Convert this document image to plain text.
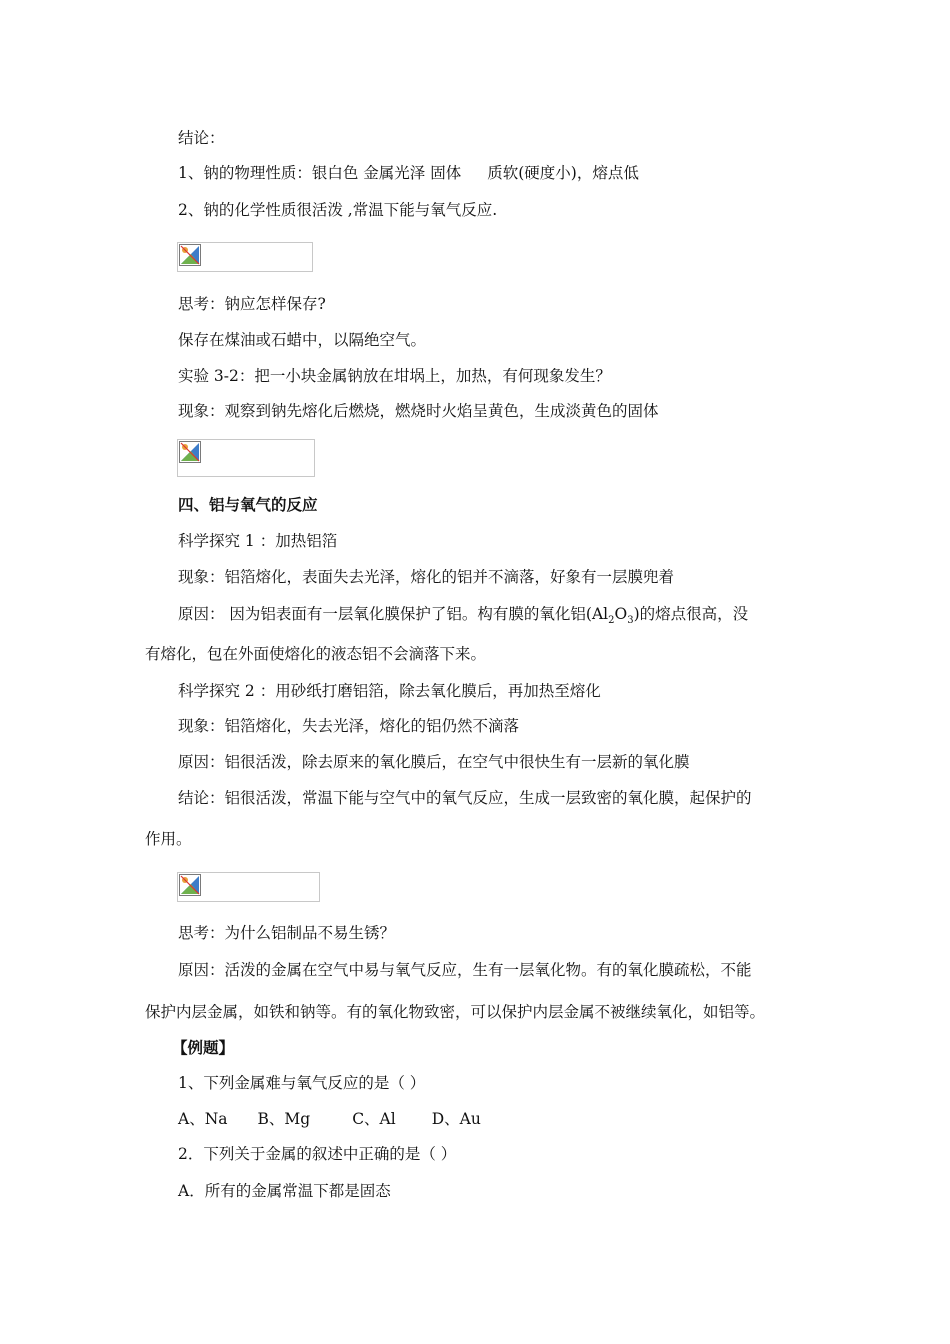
结论：

1、钠的物理性质：银白色 金属光泽 固体 质软(硬度小)，熔点低

2、钠的化学性质很活泼 ,常温下能与氧气反应.

思考：钠应怎样保存?

保存在煤油或石蜡中，以隔绝空气。

实验 3-2：把一小块金属钠放在坩埚上，加热，有何现象发生？

现象：观察到钠先熔化后燃烧，燃烧时火焰呈黄色，生成淡黄色的固体

四、铝与氧气的反应

科学探究 1 ：加热铝箔

现象：铝箔熔化，表面失去光泽，熔化的铝并不滴落，好象有一层膜兜着

原因： 因为铝表面有一层氧化膜保护了铝。构有膜的氧化铝$(Al_2O_3)$的熔点很高，没

有熔化，包在外面使熔化的液态铝不会滴落下来。

科学探究 2 ：用砂纸打磨铝箔，除去氧化膜后，再加热至熔化

现象：铝箔熔化，失去光泽，熔化的铝仍然不滴落

原因：铝很活泼，除去原来的氧化膜后，在空气中很快生有一层新的氧化膜

结论：铝很活泼，常温下能与空气中的氧气反应，生成一层致密的氧化膜，起保护的

作用。

思考：为什么铝制品不易生锈？

原因：活泼的金属在空气中易与氧气反应，生有一层氧化物。有的氧化膜疏松，不能

保护内层金属，如铁和钠等。有的氧化物致密，可以保护内层金属不被继续氧化，如铝等。

【例题】

1、下列金属难与氧气反应的是（ ）

A、Na B、Mg	C、Al D、Au

2．下列关于金属的叙述中正确的是（ ）

A．所有的金属常温下都是固态
